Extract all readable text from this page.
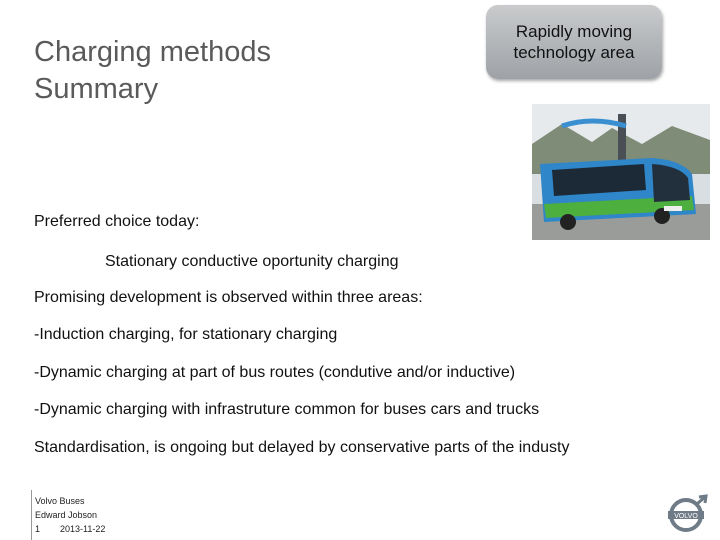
Charging methods
Summary
Rapidly moving
technology area
Preferred choice today:
Stationary conductive oportunity charging
Promising development is observed within three areas:
-Induction charging, for stationary charging
-Dynamic charging at part of bus routes (condutive and/or inductive)
-Dynamic charging with infrastruture common for buses cars and trucks
Standardisation, is ongoing but delayed by conservative parts of the industy
Volvo Buses
Edward Jobson
1 2013-11-22
VOLVO
